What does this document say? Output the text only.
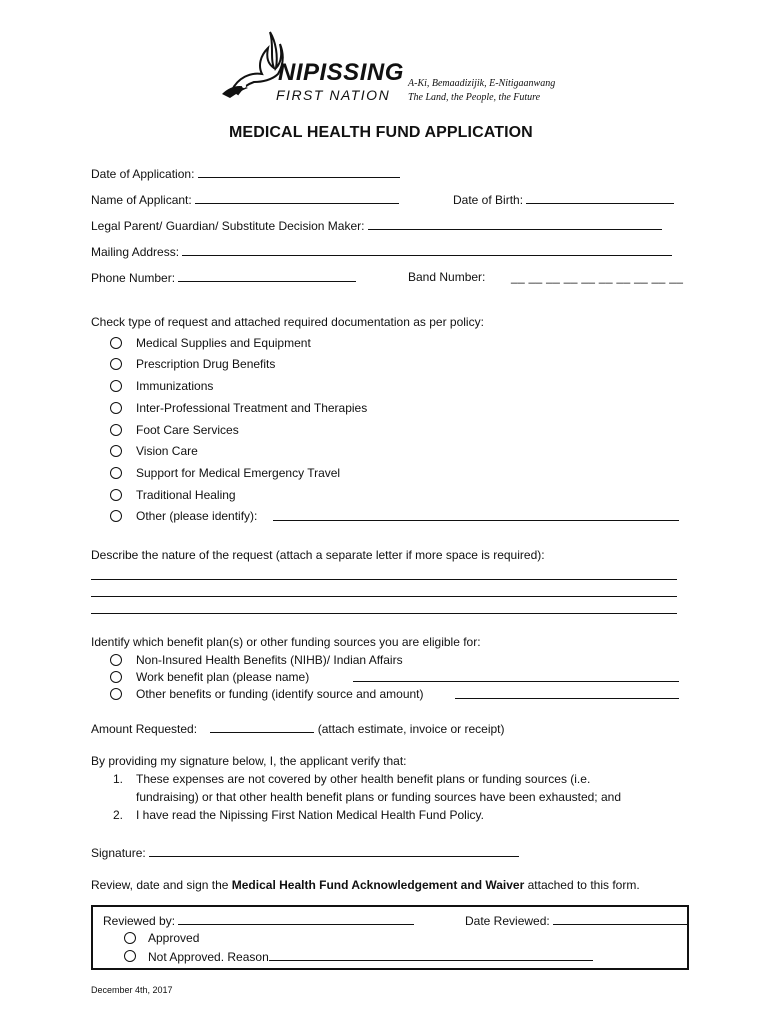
NIPISSING
FIRST NATION
A-Ki, Bemaadizijik, E-Nitigaanwang
The Land, the People, the Future
MEDICAL HEALTH FUND APPLICATION
Date of Application:
Name of Applicant:	Date of Birth:
Legal Parent/ Guardian/ Substitute Decision Maker:
Mailing Address:
Phone Number:	Band Number: __ __ __ __ __ __ __ __ __ __
Check type of request and attached required documentation as per policy:
Medical Supplies and Equipment
Prescription Drug Benefits
Immunizations
Inter-Professional Treatment and Therapies
Foot Care Services
Vision Care
Support for Medical Emergency Travel
Traditional Healing
Other (please identify):
Describe the nature of the request (attach a separate letter if more space is required):
Identify which benefit plan(s) or other funding sources you are eligible for:
Non-Insured Health Benefits (NIHB)/ Indian Affairs
Work benefit plan (please name)
Other benefits or funding (identify source and amount)
Amount Requested:	(attach estimate, invoice or receipt)
By providing my signature below, I, the applicant verify that:
1. These expenses are not covered by other health benefit plans or funding sources (i.e.
fundraising) or that other health benefit plans or funding sources have been exhausted; and
2. I have read the Nipissing First Nation Medical Health Fund Policy.
Signature:
Review, date and sign the Medical Health Fund Acknowledgement and Waiver attached to this form.
Reviewed by:	Date Reviewed:
Approved
Not Approved. Reason
December 4th, 2017
